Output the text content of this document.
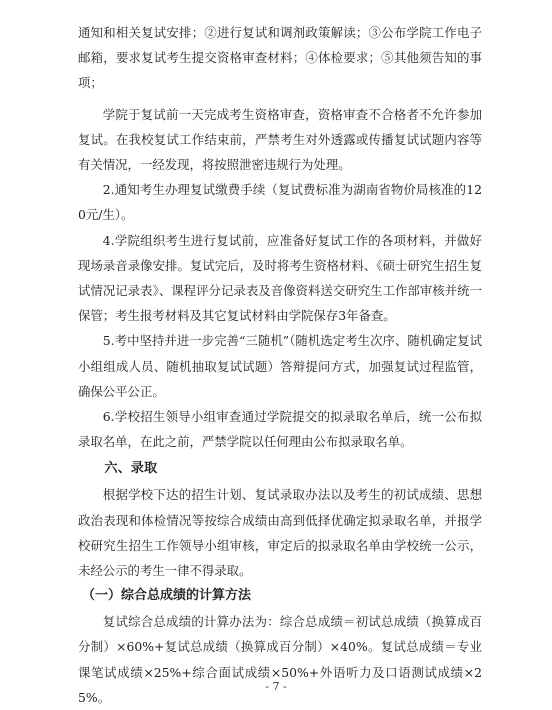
通知和相关复试安排；②进行复试和调剂政策解读；③公布学院工作电子邮箱，要求复试考生提交资格审查材料；④体检要求；⑤其他须告知的事项；

学院于复试前一天完成考生资格审查，资格审查不合格者不允许参加复试。在我校复试工作结束前，严禁考生对外透露或传播复试试题内容等有关情况，一经发现，将按照泄密违规行为处理。

2.通知考生办理复试缴费手续（复试费标准为湖南省物价局核准的120元/生）。

4.学院组织考生进行复试前，应准备好复试工作的各项材料，并做好现场录音录像安排。复试完后，及时将考生资格材料、《硕士研究生招生复试情况记录表》、课程评分记录表及音像资料送交研究生工作部审核并统一保管；考生报考材料及其它复试材料由学院保存3年备查。

5.考中坚持并进一步完善“三随机”（随机选定考生次序、随机确定复试小组组成人员、随机抽取复试试题）答辩提问方式，加强复试过程监管，确保公平公正。

6.学校招生领导小组审查通过学院提交的拟录取名单后，统一公布拟录取名单，在此之前，严禁学院以任何理由公布拟录取名单。

六、录取

根据学校下达的招生计划、复试录取办法以及考生的初试成绩、思想政治表现和体检情况等按综合成绩由高到低择优确定拟录取名单，并报学校研究生招生工作领导小组审核，审定后的拟录取名单由学校统一公示，未经公示的考生一律不得录取。

（一）综合总成绩的计算方法

复试综合总成绩的计算办法为：综合总成绩＝初试总成绩（换算成百分制）×60%+复试总成绩（换算成百分制）×40%。复试总成绩＝专业课笔试成绩×25%+综合面试成绩×50%+外语听力及口语测试成绩×25%。

- 7 -
